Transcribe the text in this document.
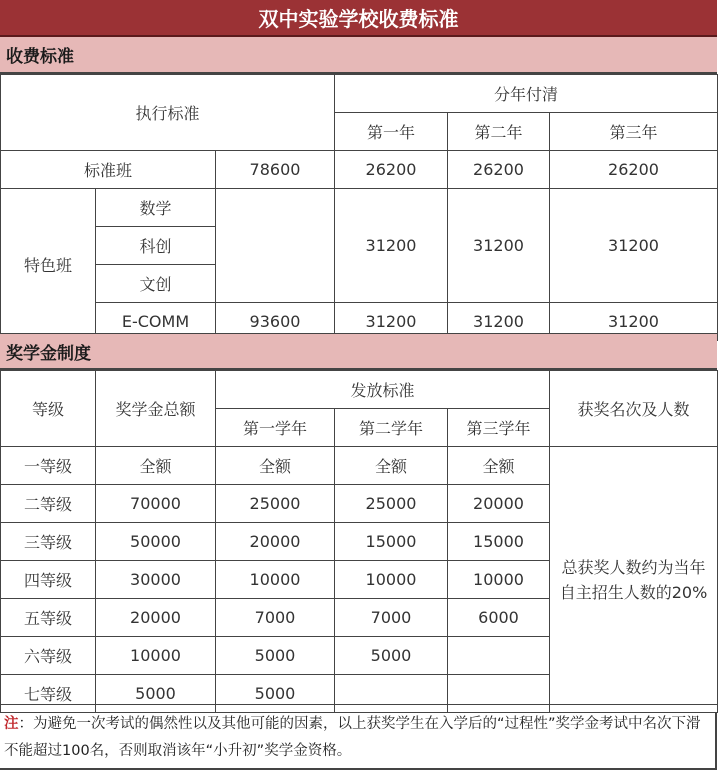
双中实验学校收费标准
收费标准
执行标准			分年付清		
			第一年	第二年	第三年
标准班		78600	26200	26200	26200
特色班	数学		31200	31200	31200
	科创				
	文创				
	E-COMM	93600	31200	31200	31200
奖学金制度
等级	奖学金总额	发放标准			获奖名次及人数
		第一学年	第二学年	第三学年	
一等级	全额	全额	全额	全额	总获奖人数约为当年
自主招生人数的20%

二等级	70000	25000	25000	20000	
三等级	50000	20000	15000	15000	
四等级	30000	10000	10000	10000	
五等级	20000	7000	7000	6000	
六等级	10000	5000	5000		
七等级	5000	5000			
注：为避免一次考试的偶然性以及其他可能的因素，以上获奖学生在入学后的“过程性”奖学金考试中名次下滑不能超过100名，否则取消该年“小升初”奖学金资格。
